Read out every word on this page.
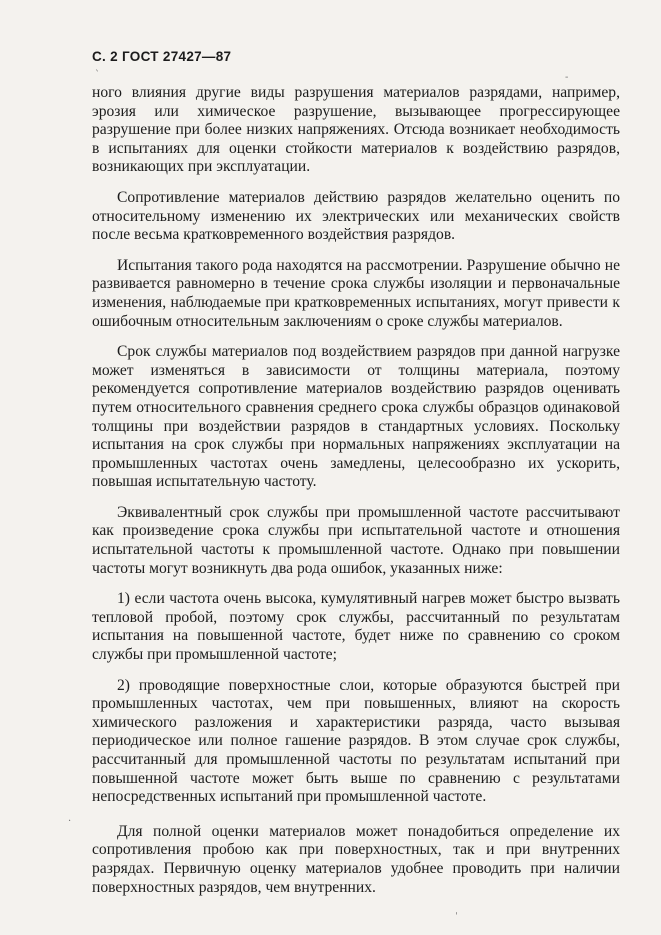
С. 2 ГОСТ 27427—87

ного влияния другие виды разрушения материалов разрядами, например, эрозия или химическое разрушение, вызывающее прогрессирующее разрушение при более низких напряжениях. Отсюда возникает необходимость в испытаниях для оценки стойкости материалов к воздействию разрядов, возникающих при эксплуатации.

Сопротивление материалов действию разрядов желательно оценить по относительному изменению их электрических или механических свойств после весьма кратковременного воздействия разрядов.

Испытания такого рода находятся на рассмотрении. Разрушение обычно не развивается равномерно в течение срока службы изоляции и первоначальные изменения, наблюдаемые при кратковременных испытаниях, могут привести к ошибочным относительным заключениям о сроке службы материалов.

Срок службы материалов под воздействием разрядов при данной нагрузке может изменяться в зависимости от толщины материала, поэтому рекомендуется сопротивление материалов воздействию разрядов оценивать путем относительного сравнения среднего срока службы образцов одинаковой толщины при воздействии разрядов в стандартных условиях. Поскольку испытания на срок службы при нормальных напряжениях эксплуатации на промышленных частотах очень замедлены, целесообразно их ускорить, повышая испытательную частоту.

Эквивалентный срок службы при промышленной частоте рассчитывают как произведение срока службы при испытательной частоте и отношения испытательной частоты к промышленной частоте. Однако при повышении частоты могут возникнуть два рода ошибок, указанных ниже:

1) если частота очень высока, кумулятивный нагрев может быстро вызвать тепловой пробой, поэтому срок службы, рассчитанный по результатам испытания на повышенной частоте, будет ниже по сравнению со сроком службы при промышленной частоте;

2) проводящие поверхностные слои, которые образуются быстрей при промышленных частотах, чем при повышенных, влияют на скорость химического разложения и характеристики разряда, часто вызывая периодическое или полное гашение разрядов. В этом случае срок службы, рассчитанный для промышленной частоты по результатам испытаний при повышенной частоте может быть выше по сравнению с результатами непосредственных испытаний при промышленной частоте.

Для полной оценки материалов может понадобиться определение их сопротивления пробою как при поверхностных, так и при внутренних разрядах. Первичную оценку материалов удобнее проводить при наличии поверхностных разрядов, чем внутренних.

ˋ	-
·
ˈ
